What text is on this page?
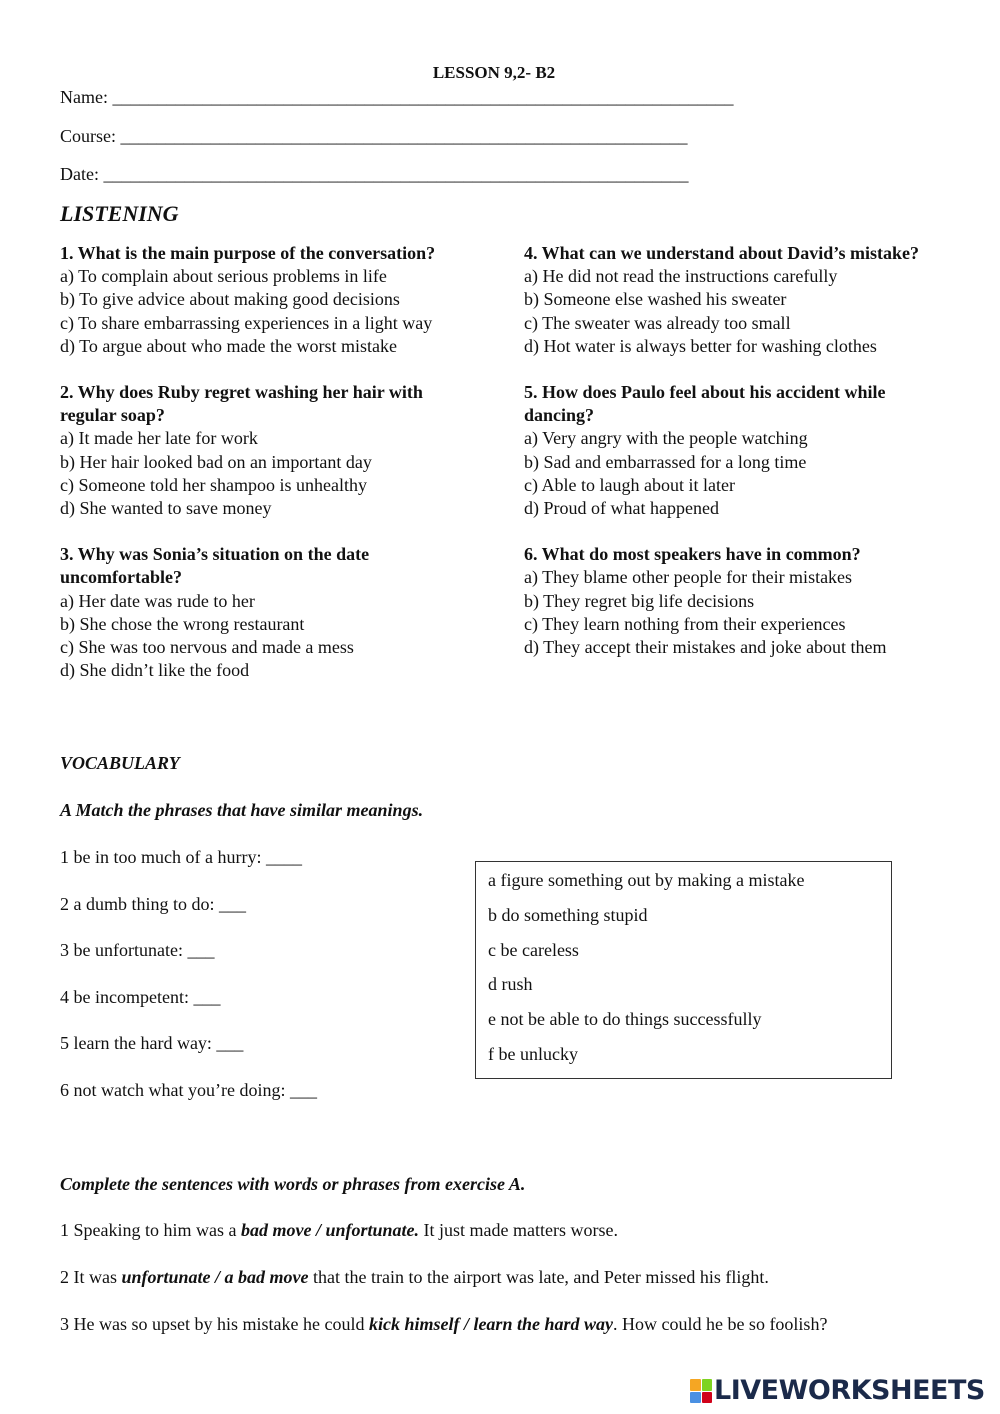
LESSON 9,2- B2
Name: _____________________________________________________________________
Course: _______________________________________________________________
Date: _________________________________________________________________
LISTENING
1. What is the main purpose of the conversation?
a) To complain about serious problems in life
b) To give advice about making good decisions
c) To share embarrassing experiences in a light way
d) To argue about who made the worst mistake
2. Why does Ruby regret washing her hair with regular soap?
a) It made her late for work
b) Her hair looked bad on an important day
c) Someone told her shampoo is unhealthy
d) She wanted to save money
3. Why was Sonia’s situation on the date uncomfortable?
a) Her date was rude to her
b) She chose the wrong restaurant
c) She was too nervous and made a mess
d) She didn’t like the food
4. What can we understand about David’s mistake?
a) He did not read the instructions carefully
b) Someone else washed his sweater
c) The sweater was already too small
d) Hot water is always better for washing clothes
5. How does Paulo feel about his accident while dancing?
a) Very angry with the people watching
b) Sad and embarrassed for a long time
c) Able to laugh about it later
d) Proud of what happened
6. What do most speakers have in common?
a) They blame other people for their mistakes
b) They regret big life decisions
c) They learn nothing from their experiences
d) They accept their mistakes and joke about them
VOCABULARY
A Match the phrases that have similar meanings.
1 be in too much of a hurry: ____
2 a dumb thing to do: ___
3 be unfortunate: ___
4 be incompetent: ___
5 learn the hard way: ___
6 not watch what you’re doing: ___
a figure something out by making a mistake
b do something stupid
c be careless
d rush
e not be able to do things successfully
f be unlucky
Complete the sentences with words or phrases from exercise A.
1 Speaking to him was a bad move / unfortunate. It just made matters worse.
2 It was unfortunate / a bad move that the train to the airport was late, and Peter missed his flight.
3 He was so upset by his mistake he could kick himself / learn the hard way. How could he be so foolish?
LIVEWORKSHEETS
